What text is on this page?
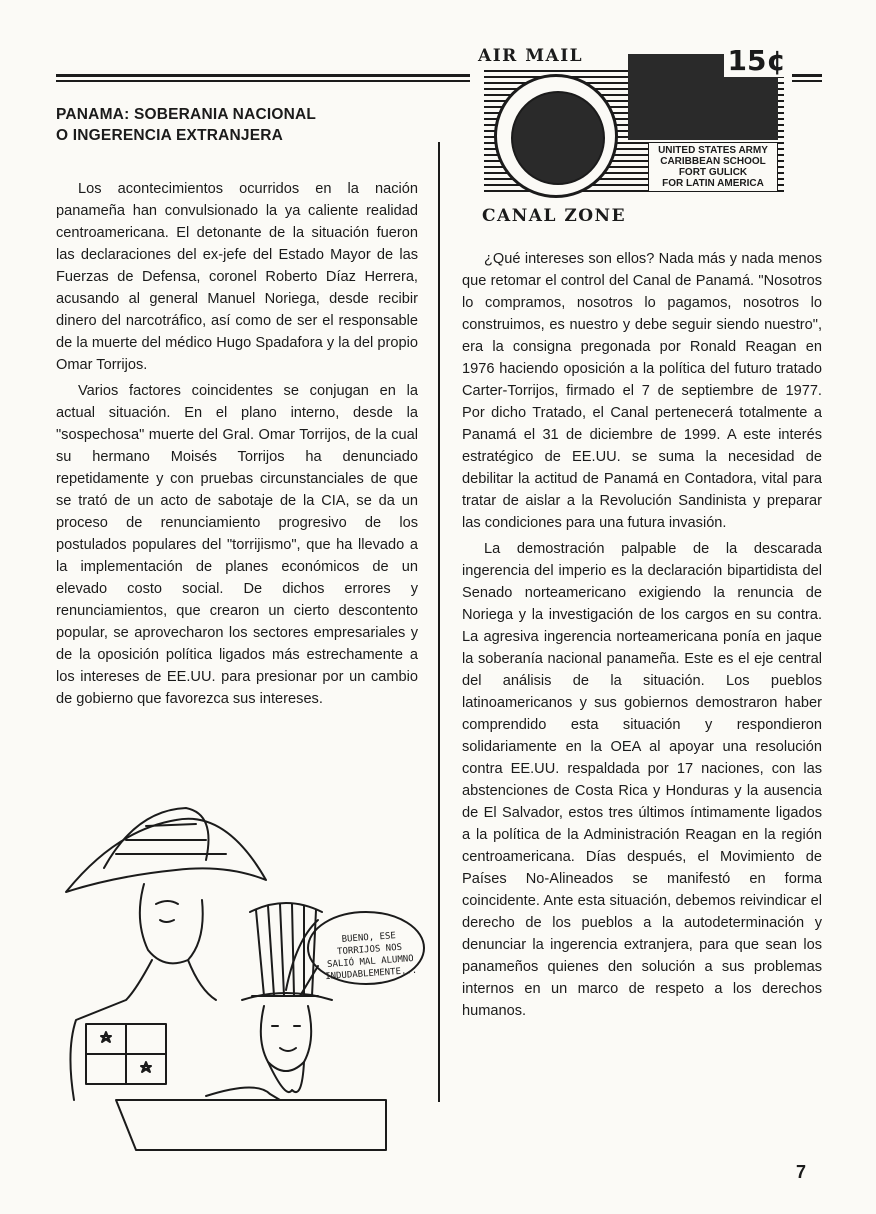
UNITED STATES ARMY
CARIBBEAN SCHOOL
FORT GULICK
FOR LATIN AMERICA
AIR MAIL	15¢
CANAL ZONE
PANAMA: SOBERANIA NACIONAL
O INGERENCIA EXTRANJERA

Los acontecimientos ocurridos en la nación panameña han convulsionado la ya caliente realidad centroamericana. El detonante de la situación fueron las declaraciones del ex-jefe del Estado Mayor de las Fuerzas de Defensa, coronel Roberto Díaz Herrera, acusando al general Manuel Noriega, desde recibir dinero del narcotráfico, así como de ser el responsable de la muerte del médico Hugo Spadafora y la del propio Omar Torrijos.

Varios factores coincidentes se conjugan en la actual situación. En el plano interno, desde la "sospechosa" muerte del Gral. Omar Torrijos, de la cual su hermano Moisés Torrijos ha denunciado repetidamente y con pruebas circunstanciales de que se trató de un acto de sabotaje de la CIA, se da un proceso de renunciamiento progresivo de los postulados populares del "torrijismo", que ha llevado a la implementación de planes económicos de un elevado costo social. De dichos errores y renunciamientos, que crearon un cierto descontento popular, se aprovecharon los sectores empresariales y de la oposición política ligados más estrechamente a los intereses de EE.UU. para presionar por un cambio de gobierno que favorezca sus intereses.

¿Qué intereses son ellos? Nada más y nada menos que retomar el control del Canal de Panamá. "Nosotros lo compramos, nosotros lo pagamos, nosotros lo construimos, es nuestro y debe seguir siendo nuestro", era la consigna pregonada por Ronald Reagan en 1976 haciendo oposición a la política del futuro tratado Carter-Torrijos, firmado el 7 de septiembre de 1977. Por dicho Tratado, el Canal pertenecerá totalmente a Panamá el 31 de diciembre de 1999. A este interés estratégico de EE.UU. se suma la necesidad de debilitar la actitud de Panamá en Contadora, vital para tratar de aislar a la Revolución Sandinista y preparar las condiciones para una futura invasión.

La demostración palpable de la descarada ingerencia del imperio es la declaración bipartidista del Senado norteamericano exigiendo la renuncia de Noriega y la investigación de los cargos en su contra. La agresiva ingerencia norteamericana ponía en jaque la soberanía nacional panameña. Este es el eje central del análisis de la situación. Los pueblos latinoamericanos y sus gobiernos demostraron haber comprendido esta situación y respondieron solidariamente en la OEA al apoyar una resolución contra EE.UU. respaldada por 17 naciones, con las abstenciones de Costa Rica y Honduras y la ausencia de El Salvador, estos tres últimos íntimamente ligados a la política de la Administración Reagan en la región centroamericana. Días después, el Movimiento de Países No-Alineados se manifestó en forma coincidente. Ante esta situación, debemos reivindicar el derecho de los pueblos a la autodeterminación y denunciar la ingerencia extranjera, para que sean los panameños quienes den solución a sus problemas internos en un marco de respeto a los derechos humanos.

BUENO, ESE TORRIJOS NOS SALIÓ MAL ALUMNO INDUDABLEMENTE...
7
